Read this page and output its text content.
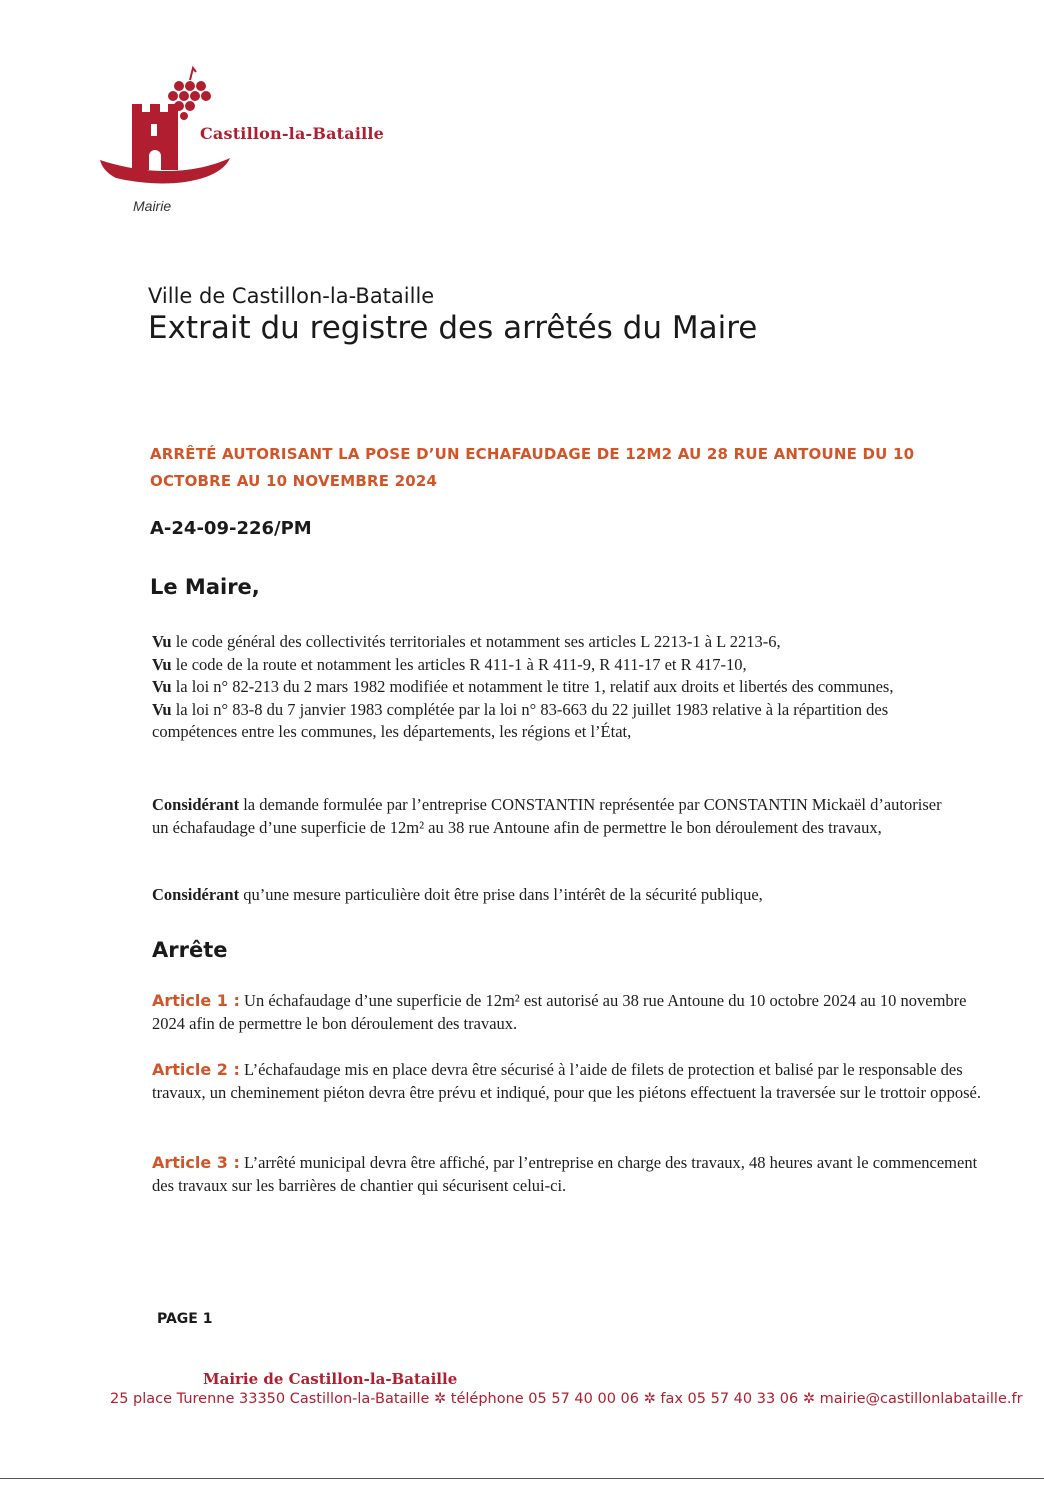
Castillon-la-Bataille
Mairie
Ville de Castillon-la-Bataille
Extrait du registre des arrêtés du Maire
ARRÊTÉ AUTORISANT LA POSE D’UN ECHAFAUDAGE DE 12M2 AU 28 RUE ANTOUNE DU 10
OCTOBRE AU 10 NOVEMBRE 2024
A-24-09-226/PM
Le Maire,
Vu le code général des collectivités territoriales et notamment ses articles L 2213-1 à L 2213-6,
Vu le code de la route et notamment les articles R 411-1 à R 411-9, R 411-17 et R 417-10,
Vu la loi n° 82-213 du 2 mars 1982 modifiée et notamment le titre 1, relatif aux droits et libertés des communes,
Vu la loi n° 83-8 du 7 janvier 1983 complétée par la loi n° 83-663 du 22 juillet 1983 relative à la répartition des compétences entre les communes, les départements, les régions et l’État,
Considérant la demande formulée par l’entreprise CONSTANTIN représentée par CONSTANTIN Mickaël d’autoriser un échafaudage d’une superficie de 12m² au 38 rue Antoune afin de permettre le bon déroulement des travaux,
Considérant qu’une mesure particulière doit être prise dans l’intérêt de la sécurité publique,
Arrête
Article 1 : Un échafaudage d’une superficie de 12m² est autorisé au 38 rue Antoune du 10 octobre 2024 au 10 novembre 2024 afin de permettre le bon déroulement des travaux.
Article 2 : L’échafaudage mis en place devra être sécurisé à l’aide de filets de protection et balisé par le responsable des travaux, un cheminement piéton devra être prévu et indiqué, pour que les piétons effectuent la traversée sur le trottoir opposé.
Article 3 : L’arrêté municipal devra être affiché, par l’entreprise en charge des travaux, 48 heures avant le commencement des travaux sur les barrières de chantier qui sécurisent celui-ci.
PAGE 1
Mairie de Castillon-la-Bataille
25 place Turenne 33350 Castillon-la-Bataille ✲ téléphone 05 57 40 00 06 ✲ fax 05 57 40 33 06 ✲ mairie@castillonlabataille.fr
